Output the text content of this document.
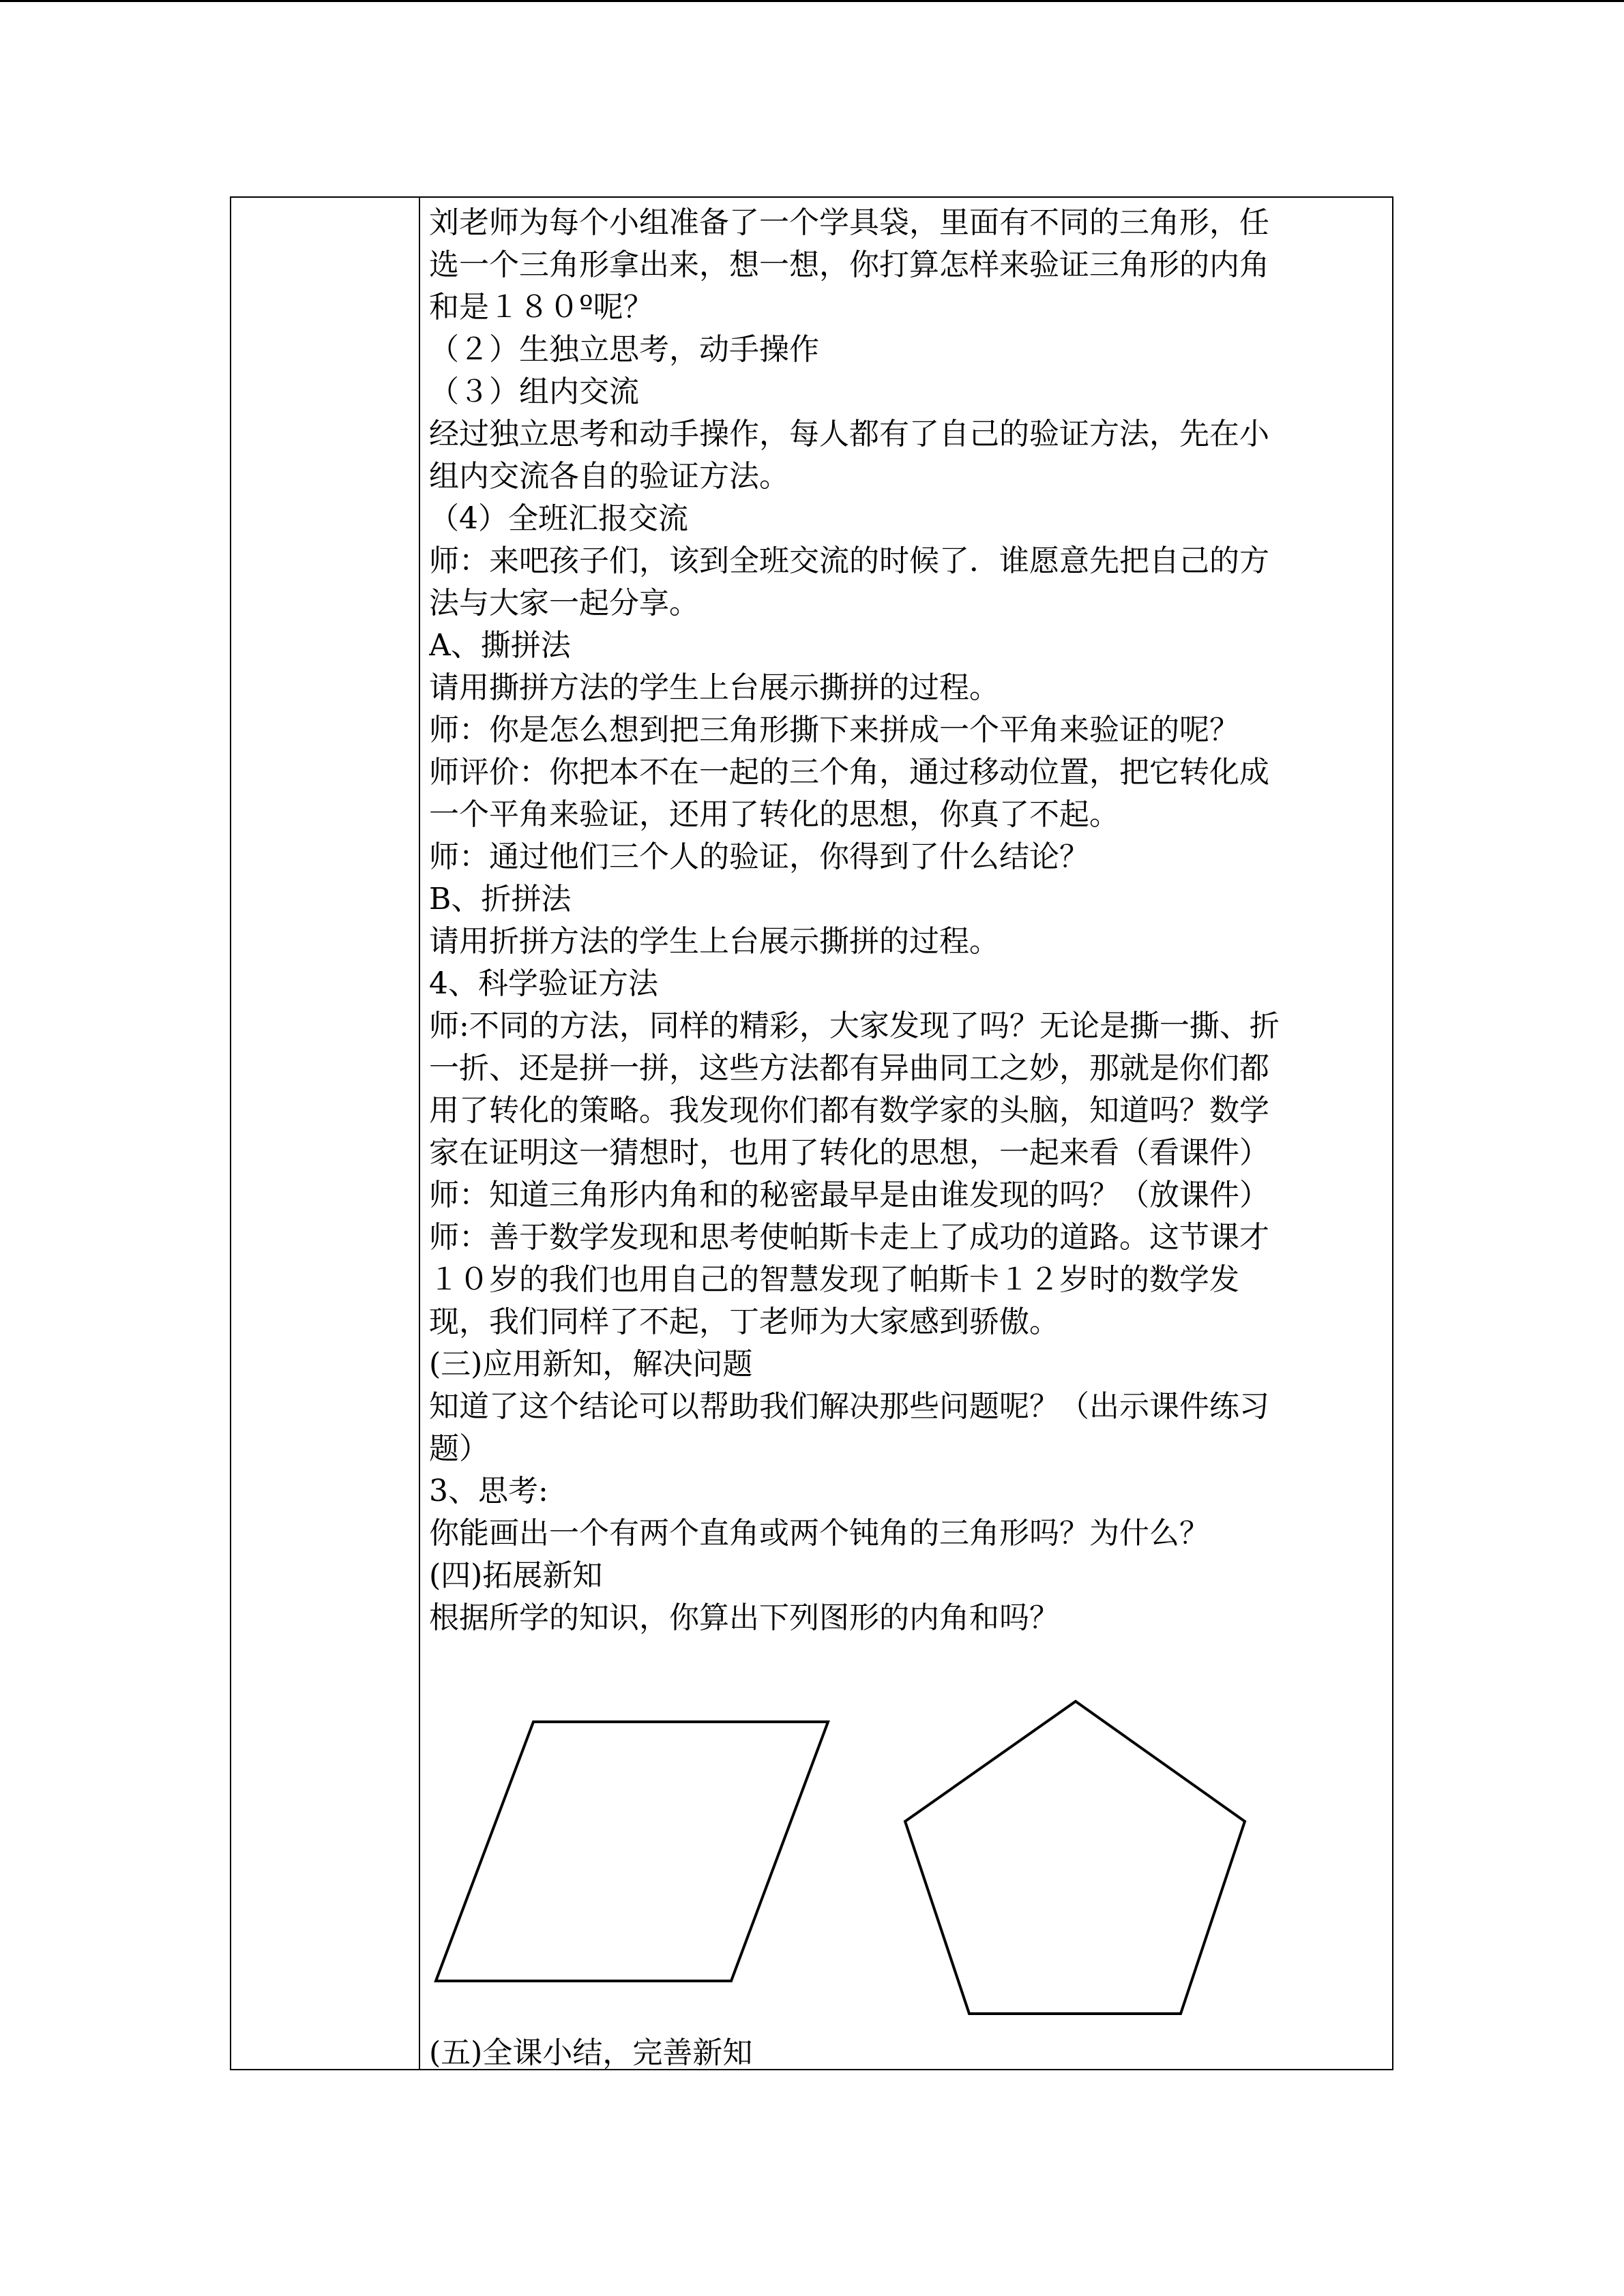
刘老师为每个小组准备了一个学具袋，里面有不同的三角形，任
选一个三角形拿出来，想一想，你打算怎样来验证三角形的内角
和是１８０º呢？
（２）生独立思考，动手操作
（３）组内交流
经过独立思考和动手操作，每人都有了自己的验证方法，先在小
组内交流各自的验证方法。
（4）全班汇报交流
师：来吧孩子们，该到全班交流的时候了．谁愿意先把自己的方
法与大家一起分享。
A、撕拼法
请用撕拼方法的学生上台展示撕拼的过程。
师：你是怎么想到把三角形撕下来拼成一个平角来验证的呢？
师评价：你把本不在一起的三个角，通过移动位置，把它转化成
一个平角来验证，还用了转化的思想，你真了不起。
师：通过他们三个人的验证，你得到了什么结论？
B、折拼法
请用折拼方法的学生上台展示撕拼的过程。
4、科学验证方法
师:不同的方法，同样的精彩，大家发现了吗？无论是撕一撕、折
一折、还是拼一拼，这些方法都有异曲同工之妙，那就是你们都
用了转化的策略。我发现你们都有数学家的头脑，知道吗？数学
家在证明这一猜想时，也用了转化的思想，一起来看（看课件）
师：知道三角形内角和的秘密最早是由谁发现的吗？（放课件）
师：善于数学发现和思考使帕斯卡走上了成功的道路。这节课才
１０岁的我们也用自己的智慧发现了帕斯卡１２岁时的数学发
现，我们同样了不起，丁老师为大家感到骄傲。
(三)应用新知，解决问题
知道了这个结论可以帮助我们解决那些问题呢？（出示课件练习
题）
3、思考:
你能画出一个有两个直角或两个钝角的三角形吗？为什么？
(四)拓展新知
根据所学的知识，你算出下列图形的内角和吗？
(五)全课小结，完善新知
